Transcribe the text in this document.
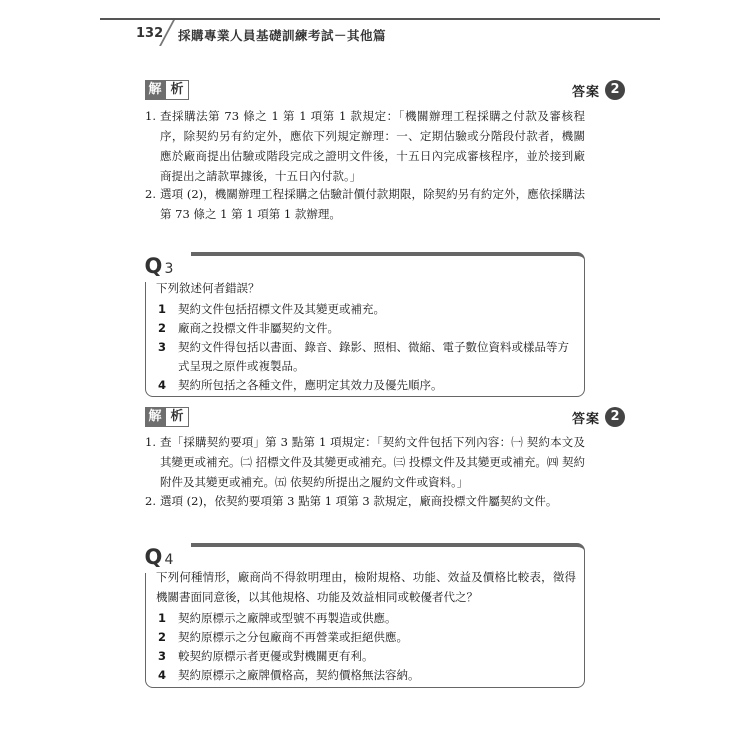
132 採購專業人員基礎訓練考試－其他篇
解 析	答案 2
1. 查採購法第 73 條之 1 第 1 項第 1 款規定：「機關辦理工程採購之付款及審核程序，除契約另有約定外，應依下列規定辦理：一、定期估驗或分階段付款者，機關應於廠商提出估驗或階段完成之證明文件後，十五日內完成審核程序，並於接到廠商提出之請款單據後，十五日內付款。」
2. 選項 (2)，機關辦理工程採購之估驗計價付款期限，除契約另有約定外，應依採購法第 73 條之 1 第 1 項第 1 款辦理。
Q 3
下列敘述何者錯誤？
1	契約文件包括招標文件及其變更或補充。
2	廠商之投標文件非屬契約文件。
3	契約文件得包括以書面、錄音、錄影、照相、微縮、電子數位資料或樣品等方式呈現之原件或複製品。
4	契約所包括之各種文件，應明定其效力及優先順序。
解 析	答案 2
1. 查「採購契約要項」第 3 點第 1 項規定：「契約文件包括下列內容：㈠ 契約本文及其變更或補充。㈡ 招標文件及其變更或補充。㈢ 投標文件及其變更或補充。㈣ 契約附件及其變更或補充。㈤ 依契約所提出之履約文件或資料。」
2. 選項 (2)，依契約要項第 3 點第 1 項第 3 款規定，廠商投標文件屬契約文件。
Q 4
下列何種情形，廠商尚不得敘明理由，檢附規格、功能、效益及價格比較表，徵得機關書面同意後，以其他規格、功能及效益相同或較優者代之？
1	契約原標示之廠牌或型號不再製造或供應。
2	契約原標示之分包廠商不再營業或拒絕供應。
3	較契約原標示者更優或對機關更有利。
4	契約原標示之廠牌價格高，契約價格無法容納。
